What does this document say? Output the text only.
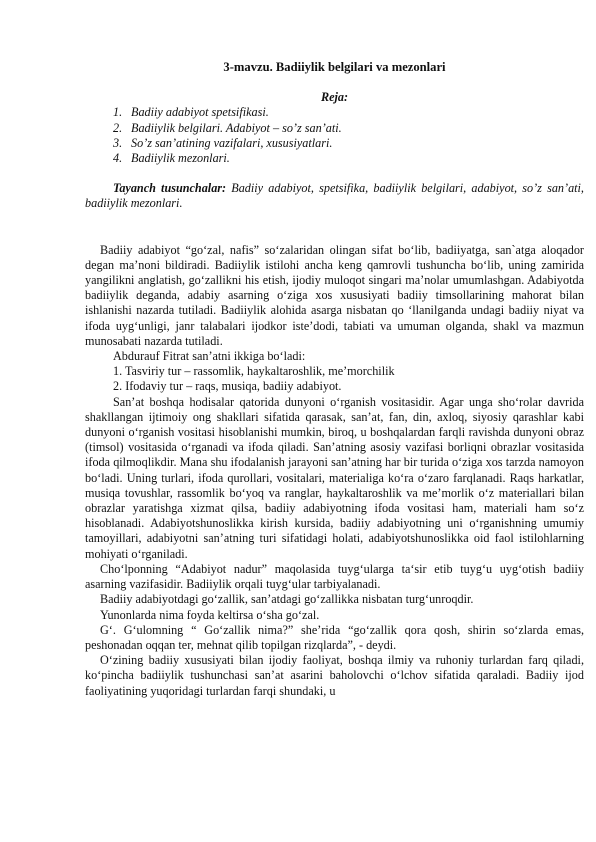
3-mavzu. Badiiylik belgilari va mezonlari
Reja:
1. Badiiy adabiyot spetsifikasi.
2. Badiiylik belgilari. Adabiyot – so’z san’ati.
3. So’z san’atining vazifalari, xususiyatlari.
4. Badiiylik mezonlari.

Tayanch tusunchalar: Badiiy adabiyot, spetsifika, badiiylik belgilari, adabiyot, so’z san’ati, badiiylik mezonlari.

Badiiy adabiyot “go‘zal, nafis” so‘zalaridan olingan sifat bo‘lib, badiiyatga, san`atga aloqador degan ma’noni bildiradi. Badiiylik istilohi ancha keng qamrovli tushuncha bo‘lib, uning zamirida yangilikni anglatish, go‘zallikni his etish, ijodiy muloqot singari ma’nolar umumlashgan. Adabiyotda badiiylik deganda, adabiy asarning o‘ziga xos xususiyati badiiy timsollarining mahorat bilan ishlanishi nazarda tutiladi. Badiiylik alohida asarga nisbatan qo ‘llanilganda undagi badiiy niyat va ifoda uyg‘unligi, janr talabalari ijodkor iste’dodi, tabiati va umuman olganda, shakl va mazmun munosabati nazarda tutiladi.

Abdurauf Fitrat san’atni ikkiga bo‘ladi:

1. Tasviriy tur – rassomlik, haykaltaroshlik, me’morchilik

2. Ifodaviy tur – raqs, musiqa, badiiy adabiyot.

San’at boshqa hodisalar qatorida dunyoni o‘rganish vositasidir. Agar unga sho‘rolar davrida shakllangan ijtimoiy ong shakllari sifatida qarasak, san’at, fan, din, axloq, siyosiy qarashlar kabi dunyoni o‘rganish vositasi hisoblanishi mumkin, biroq, u boshqalardan farqli ravishda dunyoni obraz (timsol) vositasida o‘rganadi va ifoda qiladi. San’atning asosiy vazifasi borliqni obrazlar vositasida ifoda qilmoqlikdir. Mana shu ifodalanish jarayoni san’atning har bir turida o‘ziga xos tarzda namoyon bo‘ladi. Uning turlari, ifoda qurollari, vositalari, materialiga ko‘ra o‘zaro farqlanadi. Raqs harkatlar, musiqa tovushlar, rassomlik bo‘yoq va ranglar, haykaltaroshlik va me’morlik o‘z materiallari bilan obrazlar yaratishga xizmat qilsa, badiiy adabiyotning ifoda vositasi ham, materiali ham so‘z hisoblanadi. Adabiyotshunoslikka kirish kursida, badiiy adabiyotning uni o‘rganishning umumiy tamoyillari, adabiyotni san’atning turi sifatidagi holati, adabiyotshunoslikka oid faol istilohlarning mohiyati o‘rganiladi.

Cho‘lponning “Adabiyot nadur” maqolasida tuyg‘ularga ta‘sir etib tuyg‘u uyg‘otish badiiy asarning vazifasidir. Badiiylik orqali tuyg‘ular tarbiyalanadi.

Badiiy adabiyotdagi go‘zallik, san’atdagi go‘zallikka nisbatan turg‘unroqdir.

Yunonlarda nima foyda keltirsa o‘sha go‘zal.

G‘. G‘ulomning “ Go‘zallik nima?” she’rida “go‘zallik qora qosh, shirin so‘zlarda emas, peshonadan oqqan ter, mehnat qilib topilgan rizqlarda”, - deydi.

O‘zining badiiy xususiyati bilan ijodiy faoliyat, boshqa ilmiy va ruhoniy turlardan farq qiladi, ko‘pincha badiiylik tushunchasi san’at asarini baholovchi o‘lchov sifatida qaraladi. Badiiy ijod faoliyatining yuqoridagi turlardan farqi shundaki, u
